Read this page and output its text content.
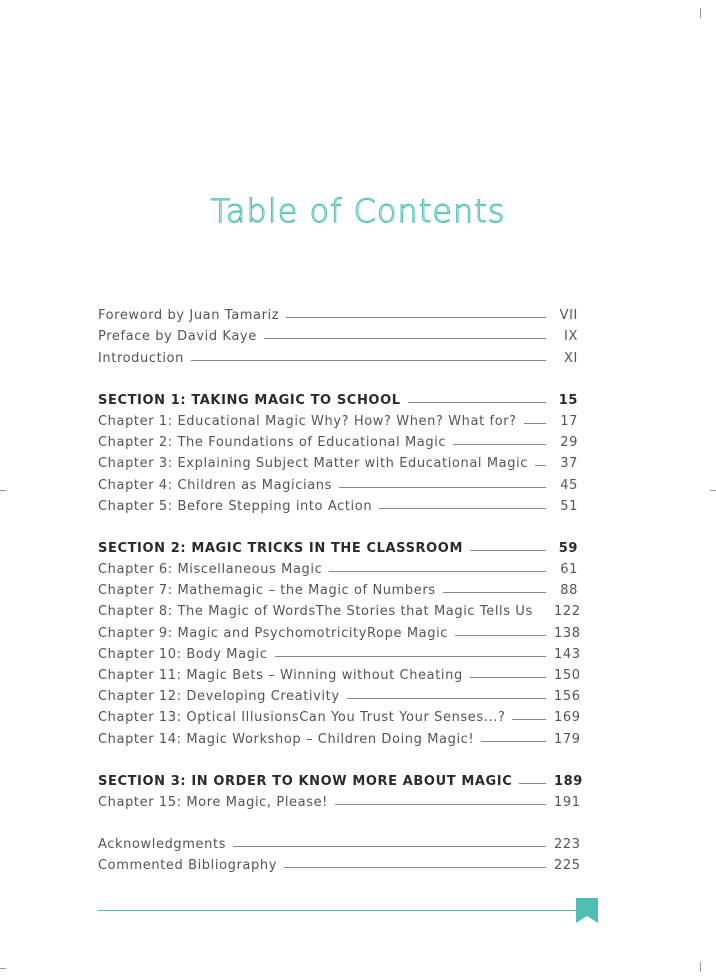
Table of Contents
Foreword by Juan Tamariz	VII
Preface by David Kaye	IX
Introduction	XI
SECTION 1: TAKING MAGIC TO SCHOOL	15
Chapter 1: Educational Magic Why? How? When? What for?	17
Chapter 2: The Foundations of Educational Magic	29
Chapter 3: Explaining Subject Matter with Educational Magic	37
Chapter 4: Children as Magicians	45
Chapter 5: Before Stepping into Action	51
SECTION 2: MAGIC TRICKS IN THE CLASSROOM	59
Chapter 6: Miscellaneous Magic	61
Chapter 7: Mathemagic – the Magic of Numbers	88
Chapter 8: The Magic of WordsThe Stories that Magic Tells Us 122
Chapter 9: Magic and PsychomotricityRope Magic	138
Chapter 10: Body Magic	143
Chapter 11: Magic Bets – Winning without Cheating	150
Chapter 12: Developing Creativity	156
Chapter 13: Optical IllusionsCan You Trust Your Senses...?	169
Chapter 14: Magic Workshop – Children Doing Magic!	179
SECTION 3: IN ORDER TO KNOW MORE ABOUT MAGIC	189
Chapter 15: More Magic, Please!	191
Acknowledgments	223
Commented Bibliography	225
